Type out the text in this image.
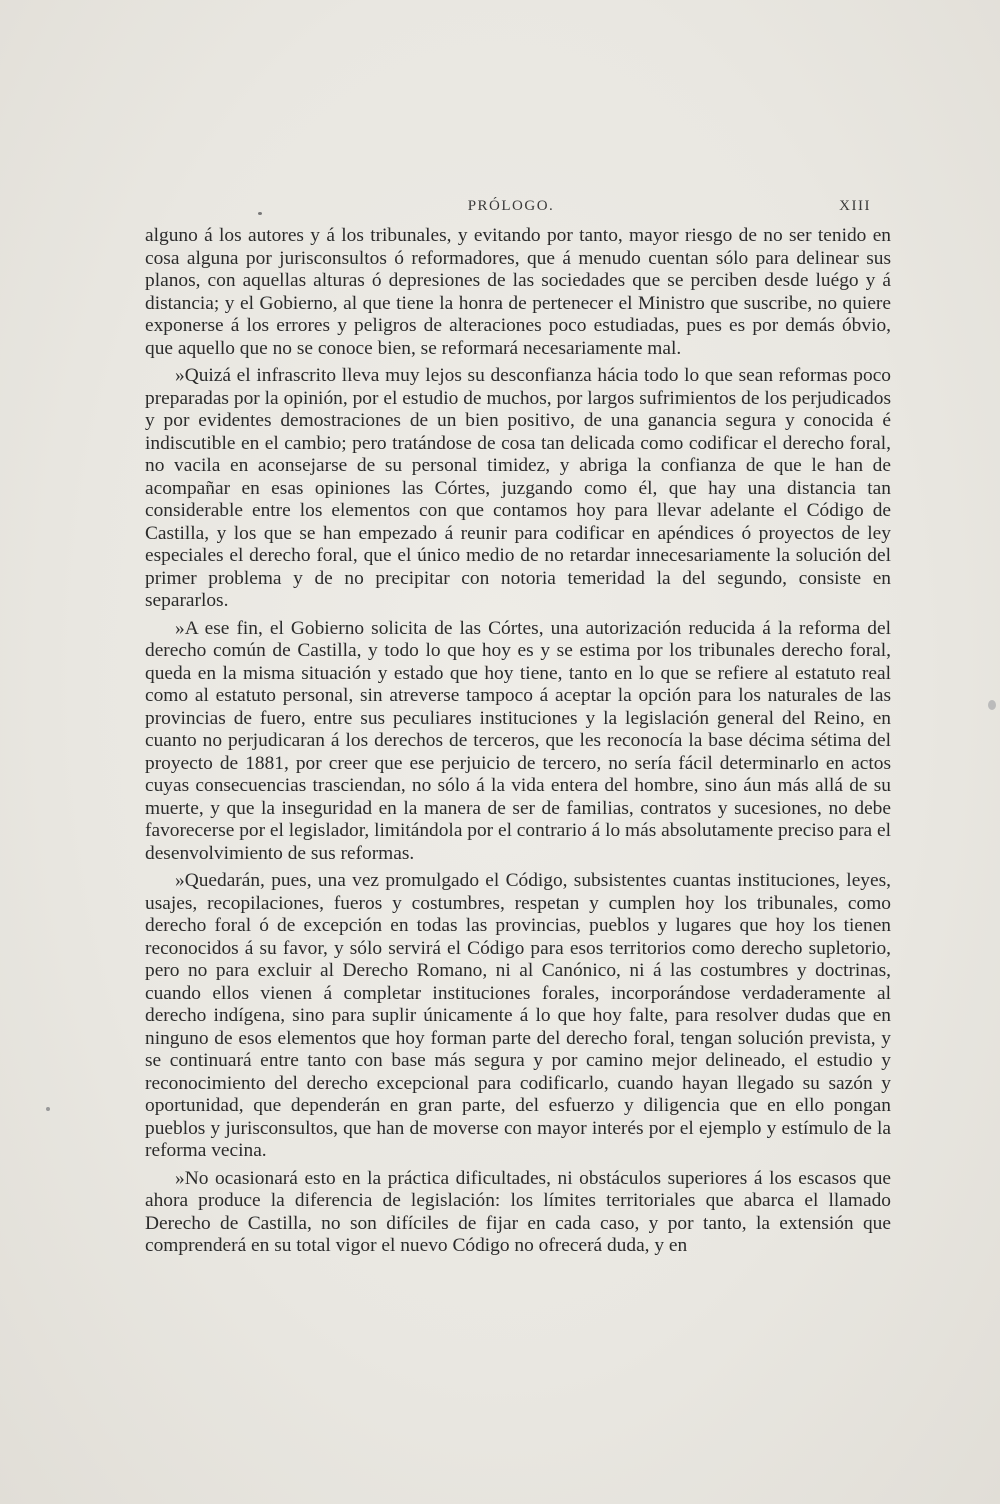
PRÓLOGO.	XIII

alguno á los autores y á los tribunales, y evitando por tanto, mayor riesgo de no ser tenido en cosa alguna por jurisconsultos ó reformadores, que á menudo cuentan sólo para delinear sus planos, con aquellas alturas ó depresiones de las sociedades que se perciben desde luégo y á distancia; y el Gobierno, al que tiene la honra de pertenecer el Ministro que suscribe, no quiere exponerse á los errores y peligros de alteraciones poco estudiadas, pues es por demás óbvio, que aquello que no se conoce bien, se reformará necesariamente mal.

»Quizá el infrascrito lleva muy lejos su desconfianza hácia todo lo que sean reformas poco preparadas por la opinión, por el estudio de muchos, por largos sufrimientos de los perjudicados y por evidentes demostraciones de un bien positivo, de una ganancia segura y conocida é indiscutible en el cambio; pero tratándose de cosa tan delicada como codificar el derecho foral, no vacila en aconsejarse de su personal timidez, y abriga la confianza de que le han de acompañar en esas opiniones las Córtes, juzgando como él, que hay una distancia tan considerable entre los elementos con que contamos hoy para llevar adelante el Código de Castilla, y los que se han empezado á reunir para codificar en apéndices ó proyectos de ley especiales el derecho foral, que el único medio de no retardar innecesariamente la solución del primer problema y de no precipitar con notoria temeridad la del segundo, consiste en separarlos.

»A ese fin, el Gobierno solicita de las Córtes, una autorización reducida á la reforma del derecho común de Castilla, y todo lo que hoy es y se estima por los tribunales derecho foral, queda en la misma situación y estado que hoy tiene, tanto en lo que se refiere al estatuto real como al estatuto personal, sin atreverse tampoco á aceptar la opción para los naturales de las provincias de fuero, entre sus peculiares instituciones y la legislación general del Reino, en cuanto no perjudicaran á los derechos de terceros, que les reconocía la base décima sétima del proyecto de 1881, por creer que ese perjuicio de tercero, no sería fácil determinarlo en actos cuyas consecuencias trasciendan, no sólo á la vida entera del hombre, sino áun más allá de su muerte, y que la inseguridad en la manera de ser de familias, contratos y sucesiones, no debe favorecerse por el legislador, limitándola por el contrario á lo más absolutamente preciso para el desenvolvimiento de sus reformas.

»Quedarán, pues, una vez promulgado el Código, subsistentes cuantas instituciones, leyes, usajes, recopilaciones, fueros y costumbres, respetan y cumplen hoy los tribunales, como derecho foral ó de excepción en todas las provincias, pueblos y lugares que hoy los tienen reconocidos á su favor, y sólo servirá el Código para esos territorios como derecho supletorio, pero no para excluir al Derecho Romano, ni al Canónico, ni á las costumbres y doctrinas, cuando ellos vienen á completar instituciones forales, incorporándose verdaderamente al derecho indígena, sino para suplir únicamente á lo que hoy falte, para resolver dudas que en ninguno de esos elementos que hoy forman parte del derecho foral, tengan solución prevista, y se continuará entre tanto con base más segura y por camino mejor delineado, el estudio y reconocimiento del derecho excepcional para codificarlo, cuando hayan llegado su sazón y oportunidad, que dependerán en gran parte, del esfuerzo y diligencia que en ello pongan pueblos y jurisconsultos, que han de moverse con mayor interés por el ejemplo y estímulo de la reforma vecina.

»No ocasionará esto en la práctica dificultades, ni obstáculos superiores á los escasos que ahora produce la diferencia de legislación: los límites territoriales que abarca el llamado Derecho de Castilla, no son difíciles de fijar en cada caso, y por tanto, la extensión que comprenderá en su total vigor el nuevo Código no ofrecerá duda, y en
